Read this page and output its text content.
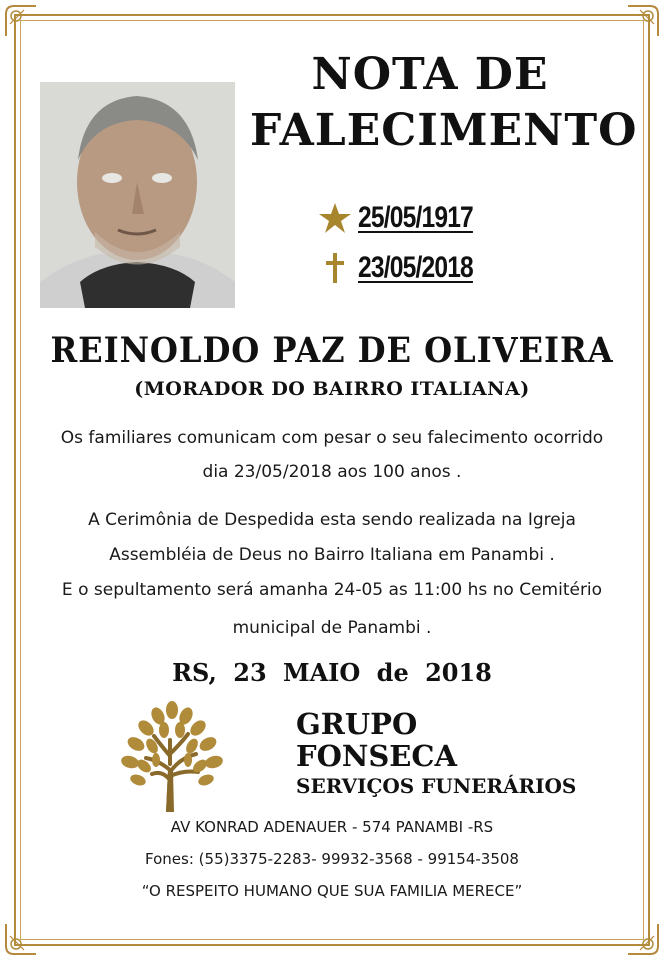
NOTA DE
FALECIMENTO
25/05/1917
23/05/2018
REINOLDO PAZ DE OLIVEIRA
(MORADOR DO BAIRRO ITALIANA)
Os familiares comunicam com pesar o seu falecimento ocorrido
dia 23/05/2018 aos 100 anos .
A Cerimônia de Despedida esta sendo realizada na Igreja
Assembléia de Deus no Bairro Italiana em Panambi .
E o sepultamento será amanha 24-05 as 11:00 hs no Cemitério
municipal de Panambi .
RS, 23 MAIO de 2018
GRUPO
FONSECA
SERVIÇOS FUNERÁRIOS
AV KONRAD ADENAUER - 574 PANAMBI -RS
Fones: (55)3375-2283- 99932-3568 - 99154-3508
“O RESPEITO HUMANO QUE SUA FAMILIA MERECE”
